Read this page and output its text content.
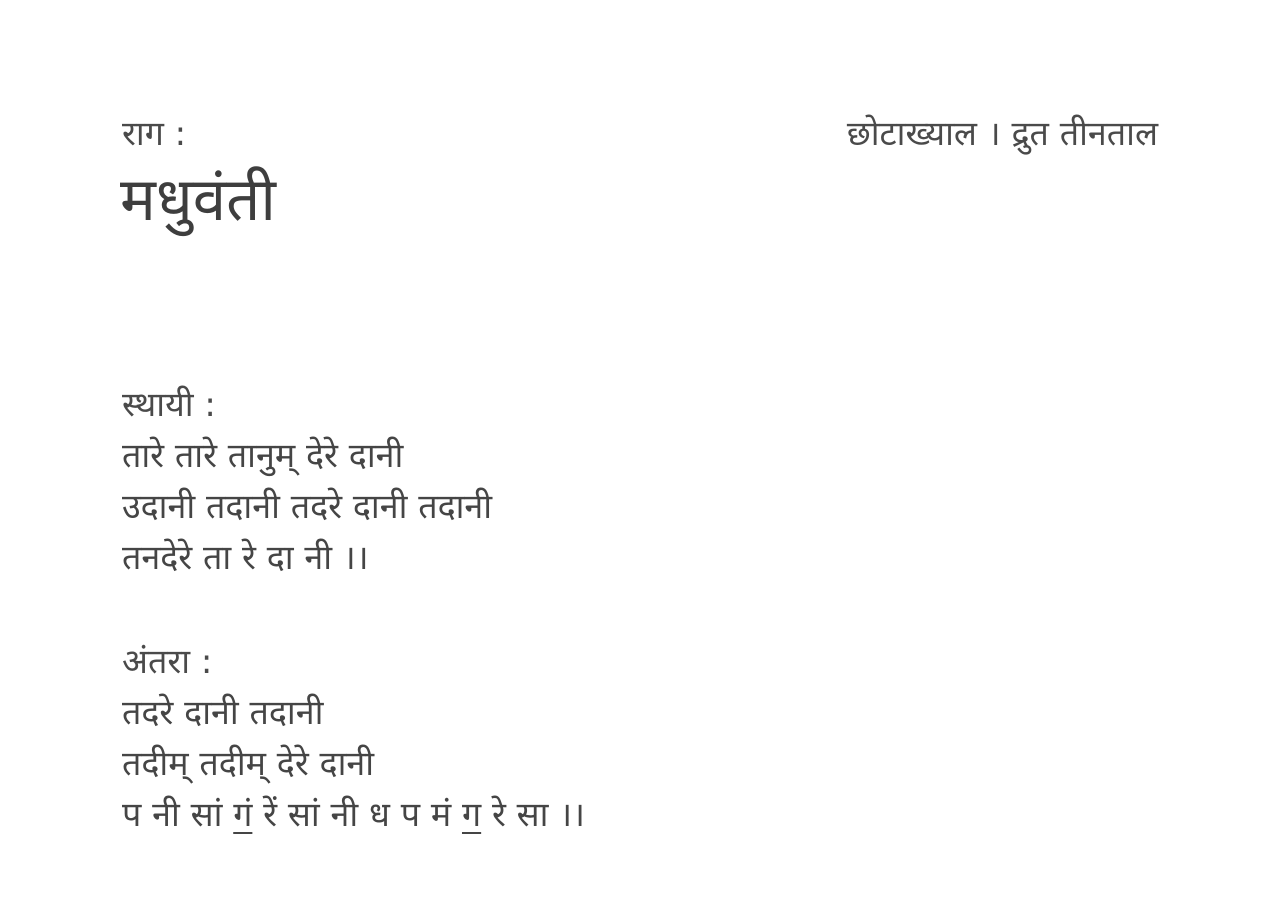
राग :
मधुवंती
छोटाख्याल । द्रुत तीनताल
स्थायी :
तारे तारे तानुम् देरे दानी
उदानी तदानी तदरे दानी तदानी
तनदेरे ता रे दा नी ।।
अंतरा :
तदरे दानी तदानी
तदीम् तदीम् देरे दानी
प नी सां गं रें सां नी ध प मं ग रे सा ।।
